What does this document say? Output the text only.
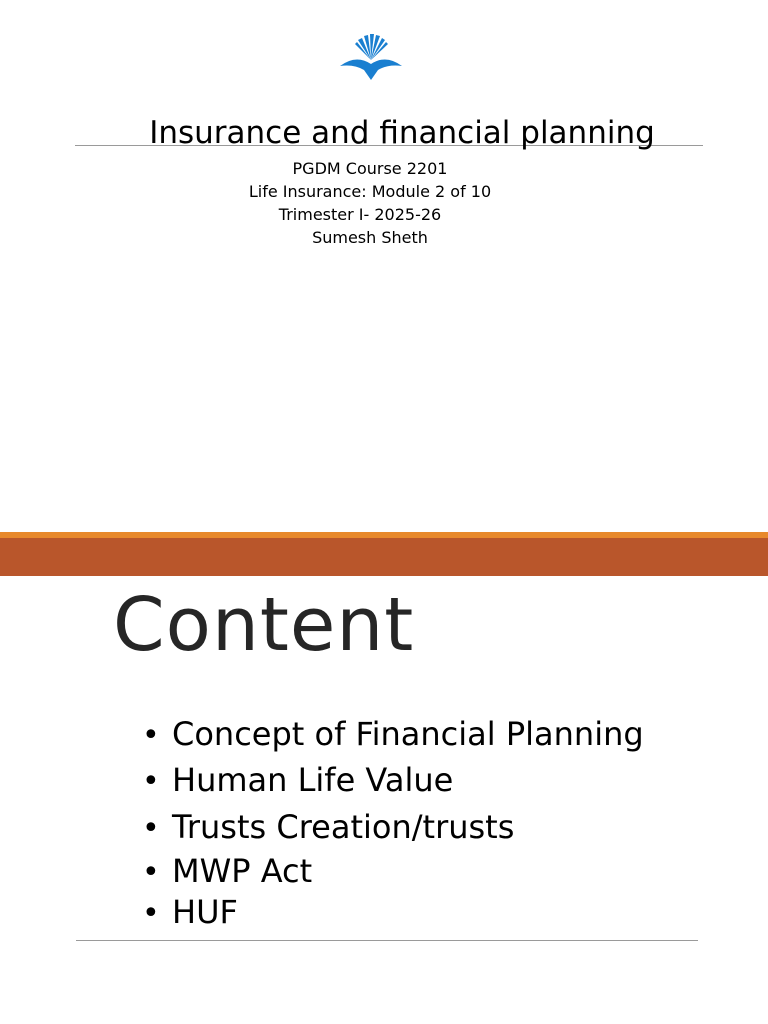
Insurance and financial planning
PGDM Course 2201
Life Insurance: Module 2 of 10
Trimester I- 2025-26
Sumesh Sheth
Content
• Concept of Financial Planning
• Human Life Value
• Trusts Creation/trusts
• MWP Act
• HUF
